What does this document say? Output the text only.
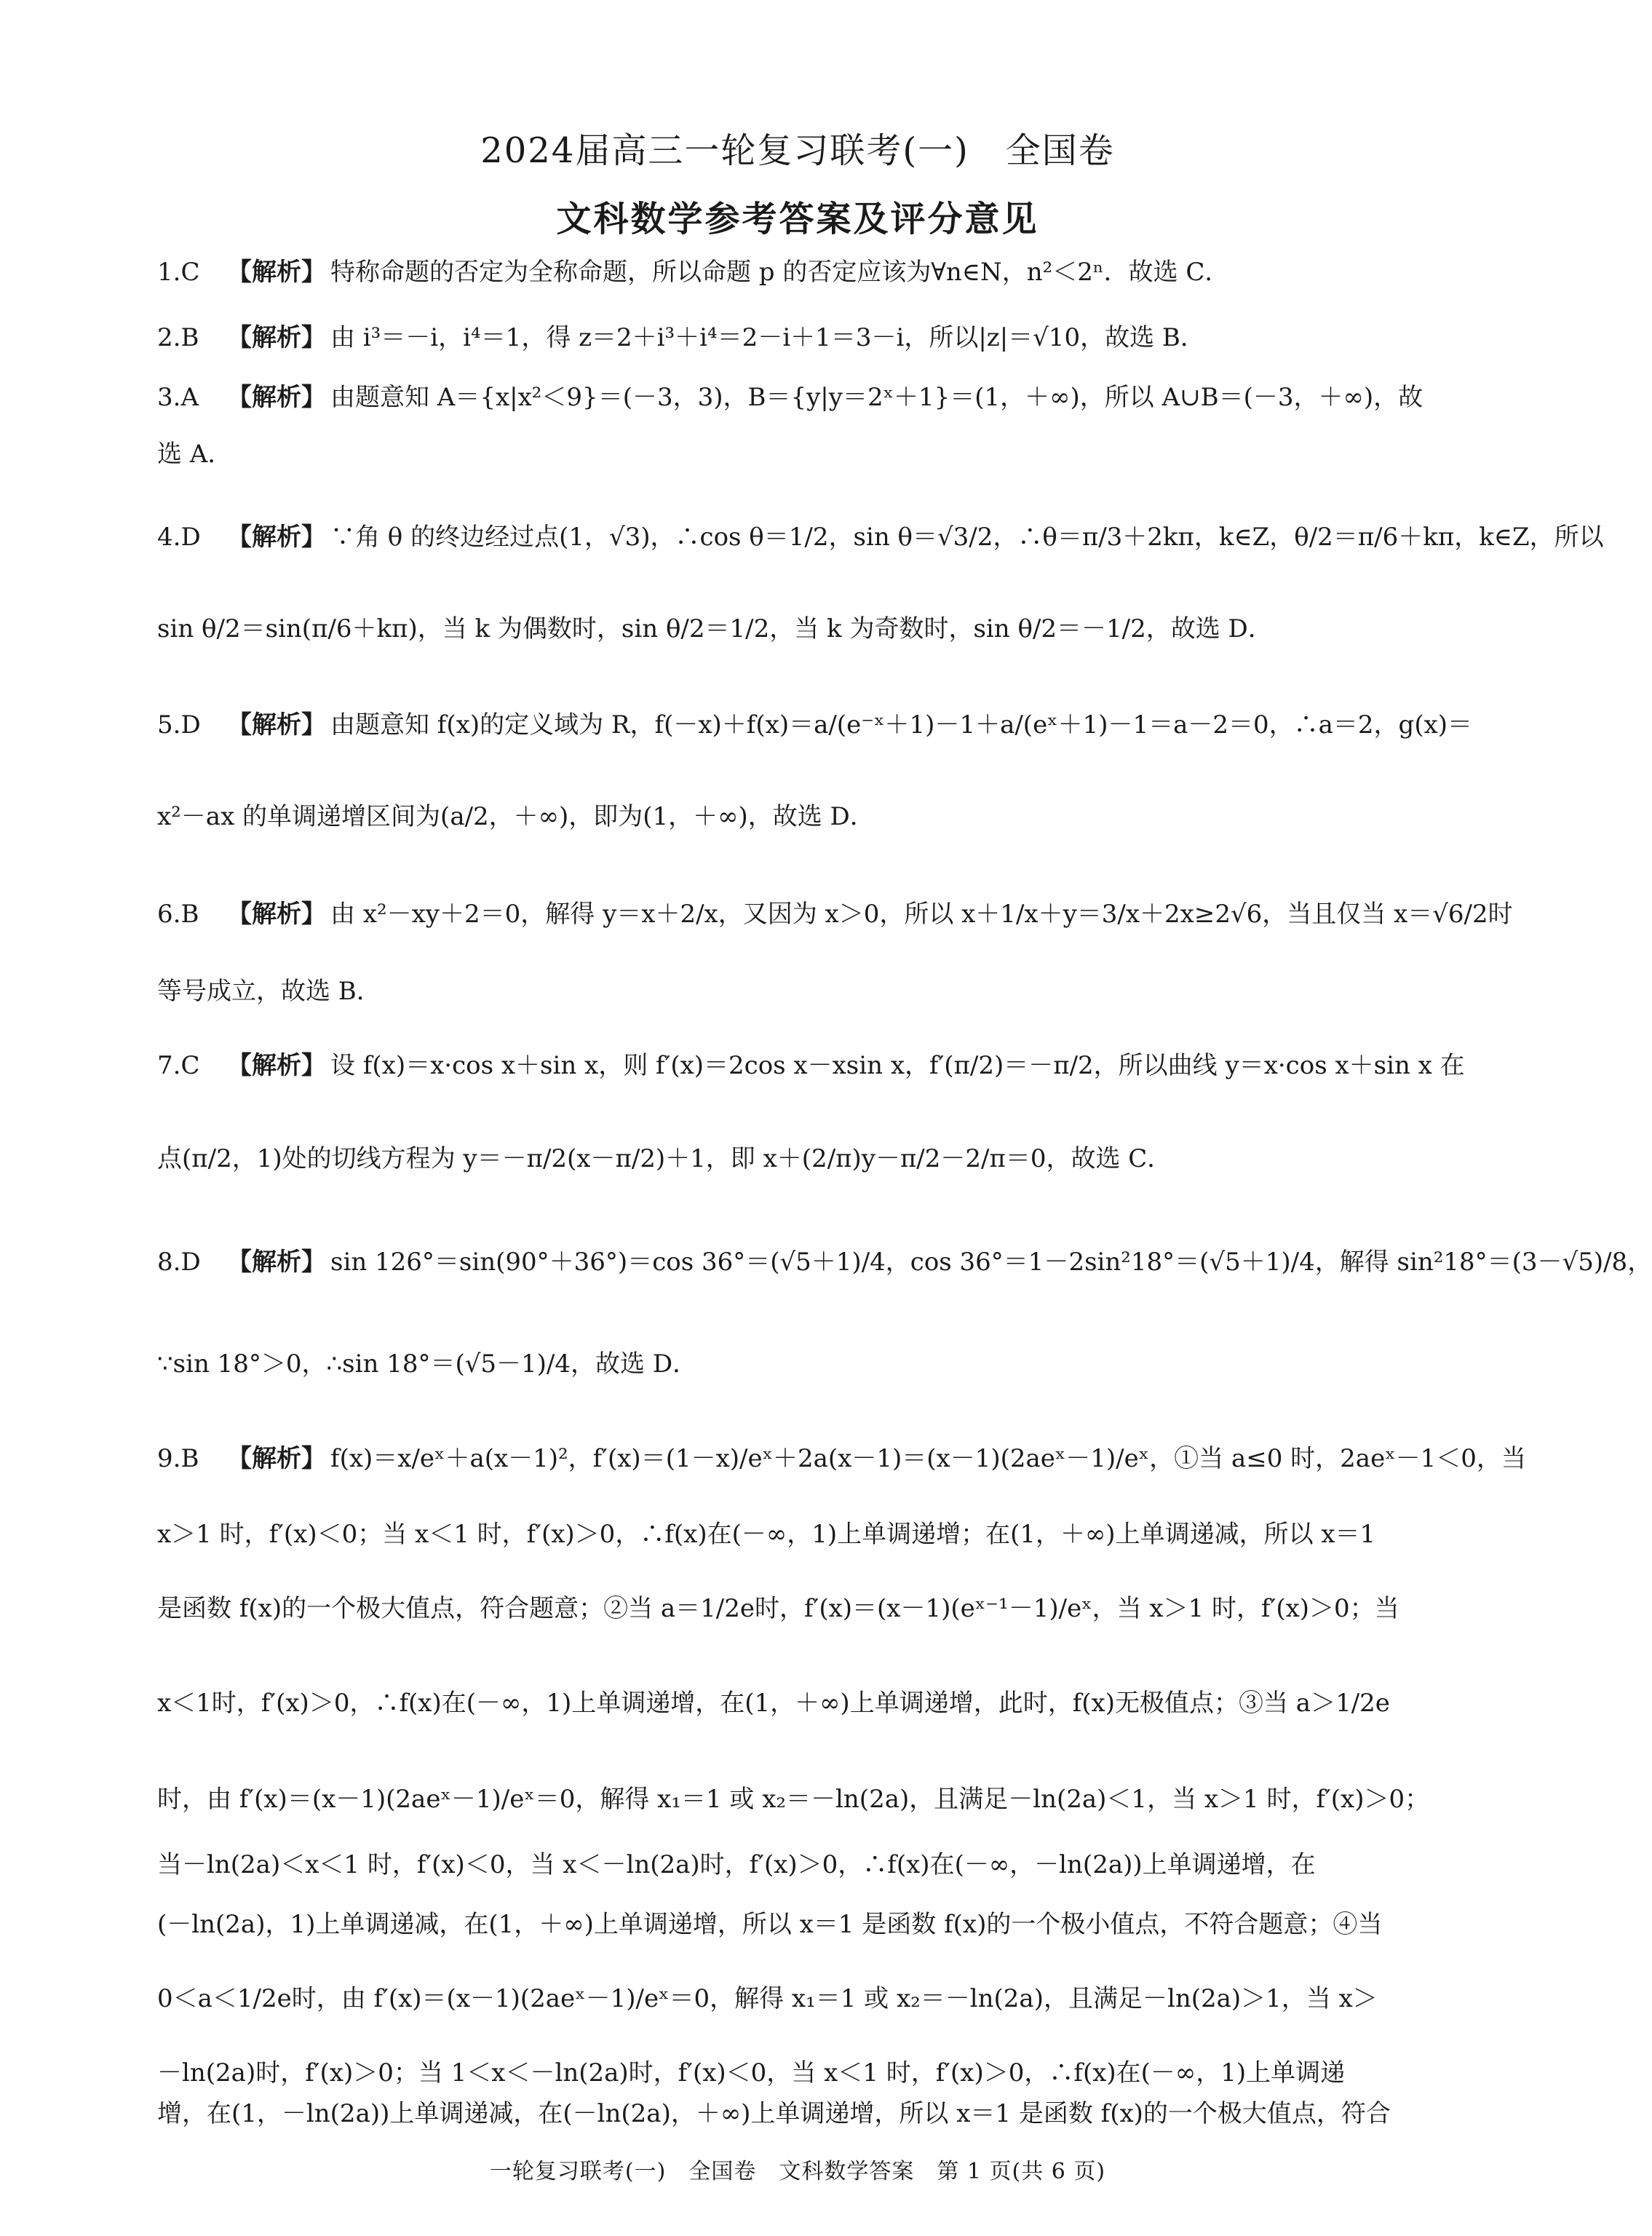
2024届高三一轮复习联考(一)　全国卷
文科数学参考答案及评分意见
1.C 【解析】 特称命题的否定为全称命题，所以命题 p 的否定应该为∀n∈N，n²＜2ⁿ．故选 C．
2.B 【解析】 由 i³＝－i，i⁴＝1，得 z＝2＋i³＋i⁴＝2－i＋1＝3－i，所以|z|＝√10，故选 B．
3.A 【解析】 由题意知 A＝{x|x²＜9}＝(－3，3)，B＝{y|y＝2ˣ＋1}＝(1，＋∞)，所以 A∪B＝(－3，＋∞)，故
选 A．
4.D 【解析】 ∵角 θ 的终边经过点(1，√3)，∴cos θ＝1/2，sin θ＝√3/2，∴θ＝π/3＋2kπ，k∈Z，θ/2＝π/6＋kπ，k∈Z，所以
sin θ/2＝sin(π/6＋kπ)，当 k 为偶数时，sin θ/2＝1/2，当 k 为奇数时，sin θ/2＝－1/2，故选 D．
5.D 【解析】 由题意知 f(x)的定义域为 R，f(－x)＋f(x)＝a/(e⁻ˣ＋1)－1＋a/(eˣ＋1)－1＝a－2＝0，∴a＝2，g(x)＝
x²－ax 的单调递增区间为(a/2，＋∞)，即为(1，＋∞)，故选 D．
6.B 【解析】 由 x²－xy＋2＝0，解得 y＝x＋2/x，又因为 x＞0，所以 x＋1/x＋y＝3/x＋2x≥2√6，当且仅当 x＝√6/2时
等号成立，故选 B．
7.C 【解析】 设 f(x)＝x·cos x＋sin x，则 f′(x)＝2cos x－xsin x，f′(π/2)＝－π/2，所以曲线 y＝x·cos x＋sin x 在
点(π/2，1)处的切线方程为 y＝－π/2(x－π/2)＋1，即 x＋(2/π)y－π/2－2/π＝0，故选 C．
8.D 【解析】 sin 126°＝sin(90°＋36°)＝cos 36°＝(√5＋1)/4，cos 36°＝1－2sin²18°＝(√5＋1)/4，解得 sin²18°＝(3－√5)/8，
∵sin 18°＞0，∴sin 18°＝(√5－1)/4，故选 D．
9.B 【解析】 f(x)＝x/eˣ＋a(x－1)²，f′(x)＝(1－x)/eˣ＋2a(x－1)＝(x－1)(2aeˣ－1)/eˣ，①当 a≤0 时，2aeˣ－1＜0，当
x＞1 时，f′(x)＜0；当 x＜1 时，f′(x)＞0，∴f(x)在(－∞，1)上单调递增；在(1，＋∞)上单调递减，所以 x＝1
是函数 f(x)的一个极大值点，符合题意；②当 a＝1/2e时，f′(x)＝(x－1)(eˣ⁻¹－1)/eˣ，当 x＞1 时，f′(x)＞0；当
x＜1时，f′(x)＞0，∴f(x)在(－∞，1)上单调递增，在(1，＋∞)上单调递增，此时，f(x)无极值点；③当 a＞1/2e
时，由 f′(x)＝(x－1)(2aeˣ－1)/eˣ＝0，解得 x₁＝1 或 x₂＝－ln(2a)，且满足－ln(2a)＜1，当 x＞1 时，f′(x)＞0；
当－ln(2a)＜x＜1 时，f′(x)＜0，当 x＜－ln(2a)时，f′(x)＞0，∴f(x)在(－∞，－ln(2a))上单调递增，在
(－ln(2a)，1)上单调递减，在(1，＋∞)上单调递增，所以 x＝1 是函数 f(x)的一个极小值点，不符合题意；④当
0＜a＜1/2e时，由 f′(x)＝(x－1)(2aeˣ－1)/eˣ＝0，解得 x₁＝1 或 x₂＝－ln(2a)，且满足－ln(2a)＞1，当 x＞
－ln(2a)时，f′(x)＞0；当 1＜x＜－ln(2a)时，f′(x)＜0，当 x＜1 时，f′(x)＞0，∴f(x)在(－∞，1)上单调递
增，在(1，－ln(2a))上单调递减，在(－ln(2a)，＋∞)上单调递增，所以 x＝1 是函数 f(x)的一个极大值点，符合
一轮复习联考(一)　全国卷　文科数学答案　第 1 页(共 6 页)
